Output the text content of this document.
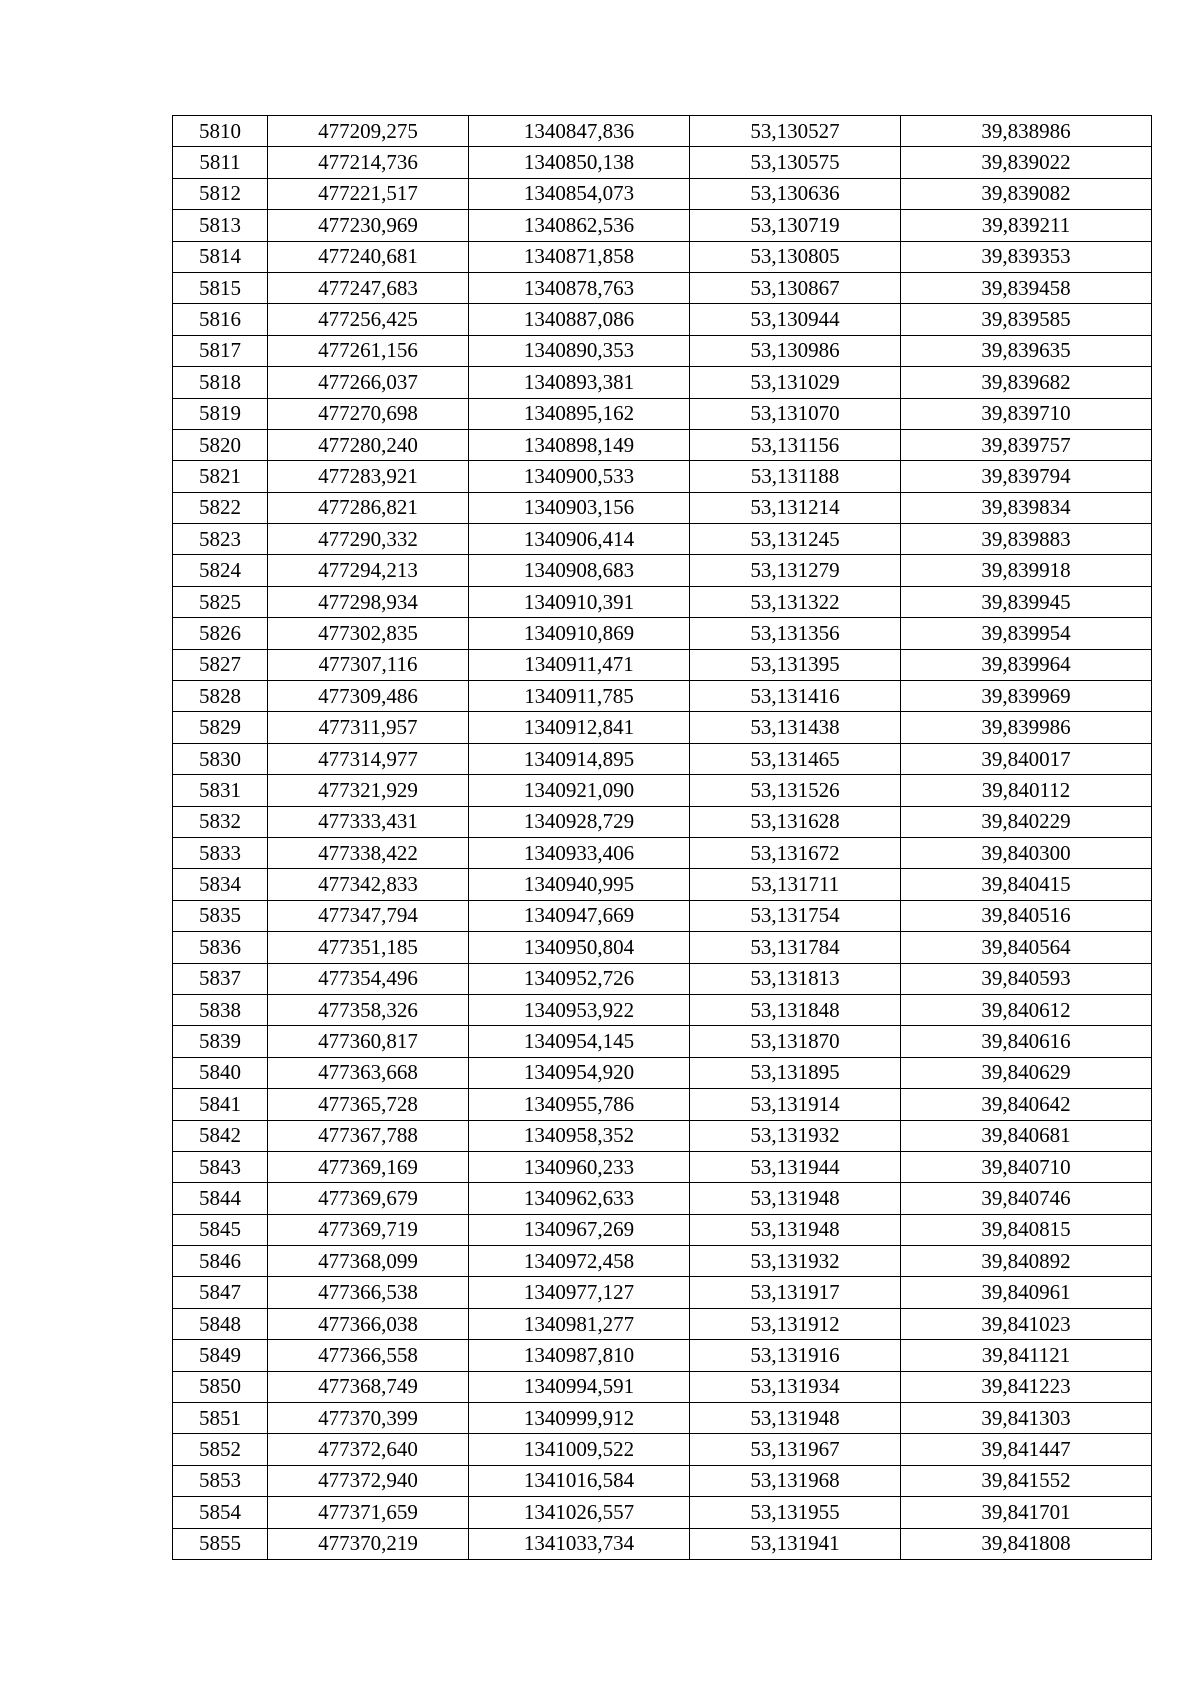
5810	477209,275	1340847,836	53,130527	39,838986
5811	477214,736	1340850,138	53,130575	39,839022
5812	477221,517	1340854,073	53,130636	39,839082
5813	477230,969	1340862,536	53,130719	39,839211
5814	477240,681	1340871,858	53,130805	39,839353
5815	477247,683	1340878,763	53,130867	39,839458
5816	477256,425	1340887,086	53,130944	39,839585
5817	477261,156	1340890,353	53,130986	39,839635
5818	477266,037	1340893,381	53,131029	39,839682
5819	477270,698	1340895,162	53,131070	39,839710
5820	477280,240	1340898,149	53,131156	39,839757
5821	477283,921	1340900,533	53,131188	39,839794
5822	477286,821	1340903,156	53,131214	39,839834
5823	477290,332	1340906,414	53,131245	39,839883
5824	477294,213	1340908,683	53,131279	39,839918
5825	477298,934	1340910,391	53,131322	39,839945
5826	477302,835	1340910,869	53,131356	39,839954
5827	477307,116	1340911,471	53,131395	39,839964
5828	477309,486	1340911,785	53,131416	39,839969
5829	477311,957	1340912,841	53,131438	39,839986
5830	477314,977	1340914,895	53,131465	39,840017
5831	477321,929	1340921,090	53,131526	39,840112
5832	477333,431	1340928,729	53,131628	39,840229
5833	477338,422	1340933,406	53,131672	39,840300
5834	477342,833	1340940,995	53,131711	39,840415
5835	477347,794	1340947,669	53,131754	39,840516
5836	477351,185	1340950,804	53,131784	39,840564
5837	477354,496	1340952,726	53,131813	39,840593
5838	477358,326	1340953,922	53,131848	39,840612
5839	477360,817	1340954,145	53,131870	39,840616
5840	477363,668	1340954,920	53,131895	39,840629
5841	477365,728	1340955,786	53,131914	39,840642
5842	477367,788	1340958,352	53,131932	39,840681
5843	477369,169	1340960,233	53,131944	39,840710
5844	477369,679	1340962,633	53,131948	39,840746
5845	477369,719	1340967,269	53,131948	39,840815
5846	477368,099	1340972,458	53,131932	39,840892
5847	477366,538	1340977,127	53,131917	39,840961
5848	477366,038	1340981,277	53,131912	39,841023
5849	477366,558	1340987,810	53,131916	39,841121
5850	477368,749	1340994,591	53,131934	39,841223
5851	477370,399	1340999,912	53,131948	39,841303
5852	477372,640	1341009,522	53,131967	39,841447
5853	477372,940	1341016,584	53,131968	39,841552
5854	477371,659	1341026,557	53,131955	39,841701
5855	477370,219	1341033,734	53,131941	39,841808
